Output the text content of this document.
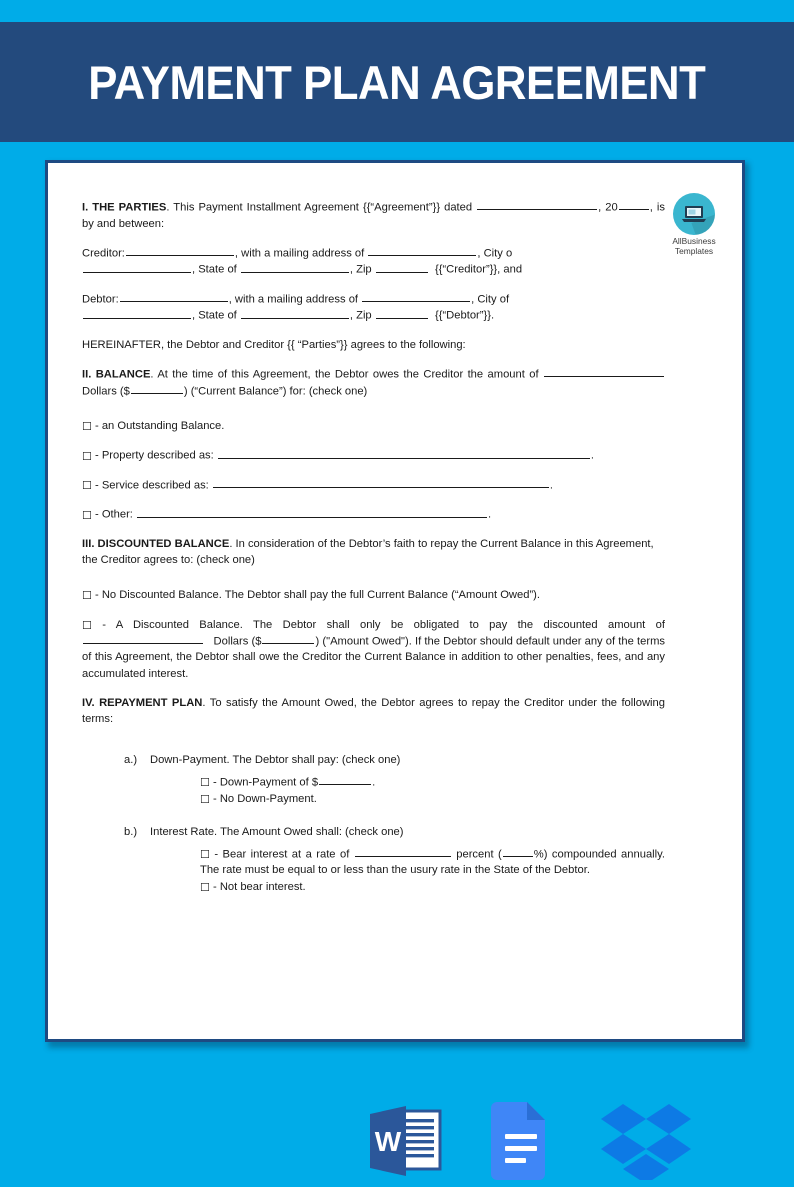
PAYMENT PLAN AGREEMENT
AllBusiness
Templates

I. THE PARTIES. This Payment Installment Agreement {{“Agreement”}} dated	, 20	, is by and between:

Creditor:	, with a mailing address of	, City o
, State of	, Zip	{{“Creditor”}}, and

Debtor:	, with a mailing address of	, City of
, State of	, Zip	{{“Debtor”}}.

HEREINAFTER, the Debtor and Creditor {{ “Parties”}} agrees to the following:

II. BALANCE. At the time of this Agreement, the Debtor owes the Creditor the amount of  Dollars ($	) (“Current Balance”) for: (check one)

☐ - an Outstanding Balance.

☐ - Property described as:	.

☐ - Service described as:	.

☐ - Other:	.

III. DISCOUNTED BALANCE. In consideration of the Debtor’s faith to repay the Current Balance in this Agreement, the Creditor agrees to: (check one)

☐ - No Discounted Balance. The Debtor shall pay the full Current Balance (“Amount Owed”).

☐ - A Discounted Balance. The Debtor shall only be obligated to pay the discounted amount of    Dollars ($	) ("Amount Owed"). If the Debtor should default under any of the terms of this Agreement, the Debtor shall owe the Creditor the Current Balance in addition to other penalties, fees, and any accumulated interest.

IV. REPAYMENT PLAN. To satisfy the Amount Owed, the Debtor agrees to repay the Creditor under the following terms:

a.) Down-Payment. The Debtor shall pay: (check one)

☐ - Down-Payment of $	.

☐ - No Down-Payment.

b.) Interest Rate. The Amount Owed shall: (check one)

☐ - Bear interest at a rate of	percent (	%) compounded annually. The rate must be equal to or less than the usury rate in the State of the Debtor.

☐ - Not bear interest.

W
